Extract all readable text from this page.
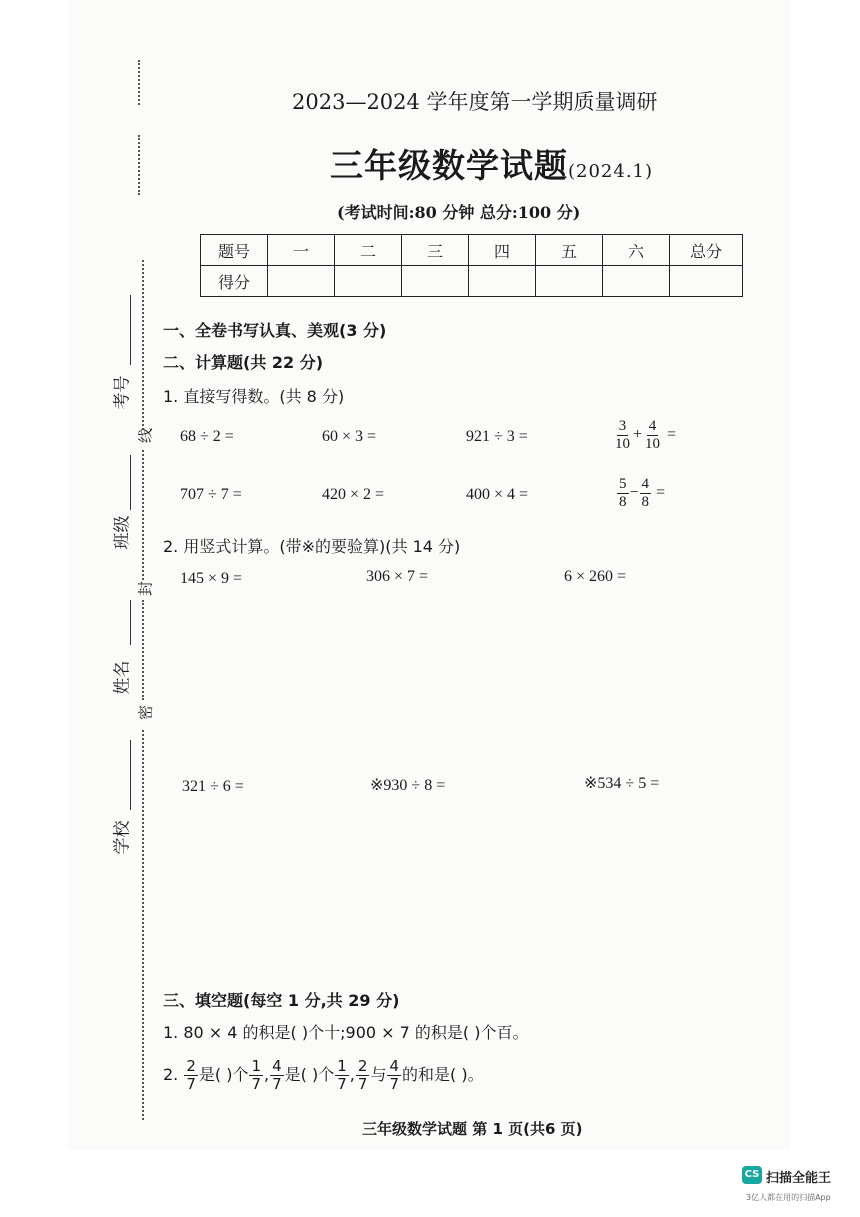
考号
班级
姓名
学校
线
封
密
2023—2024 学年度第一学期质量调研
三年级数学试题(2024.1)
(考试时间:80 分钟 总分:100 分)
题号	一	二	三	四	五	六	总分
得分							
一、全卷书写认真、美观(3 分)
二、计算题(共 22 分)
1. 直接写得数。(共 8 分)
68 ÷ 2 =	60 × 3 =	921 ÷ 3 =	$\frac{3}{10} + \frac{4}{10}$ =
707 ÷ 7 =	420 × 2 =	400 × 4 =	$\frac{5}{8} - \frac{4}{8}$ =
2. 用竖式计算。(带※的要验算)(共 14 分)
145 × 9 =	306 × 7 =	6 × 260 =
321 ÷ 6 =	※930 ÷ 8 =	※534 ÷ 5 =
三、填空题(每空 1 分,共 29 分)
1. 80 × 4 的积是( )个十;900 × 7 的积是( )个百。
2. $\frac{2}{7}$ 是( )个 $\frac{1}{7}$ , $\frac{4}{7}$ 是( )个 $\frac{1}{7}$ , $\frac{2}{7}$ 与 $\frac{4}{7}$ 的和是( )。
三年级数学试题 第 1 页(共6 页)
CS 扫描全能王
3亿人都在用的扫描App
